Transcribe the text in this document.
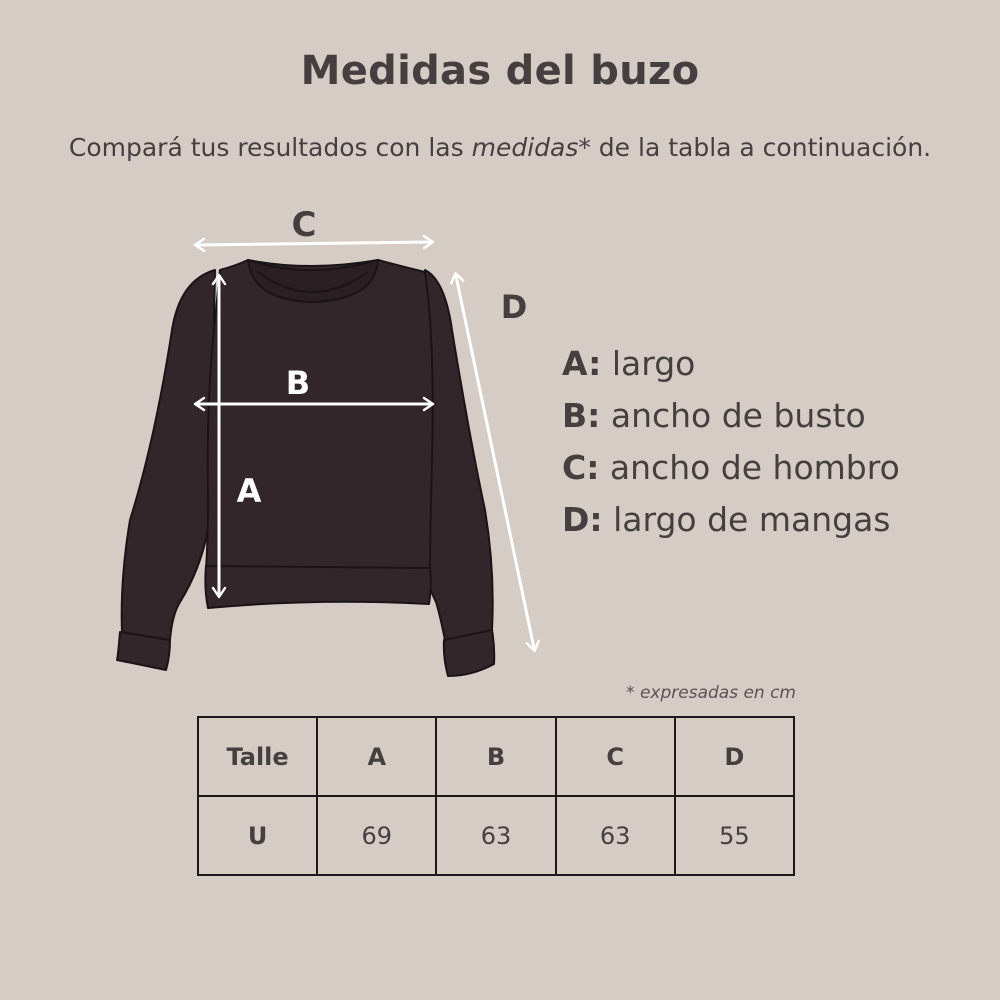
Medidas del buzo
Compará tus resultados con las medidas* de la tabla a continuación.
C
B
A
D
A: largo
B: ancho de busto
C: ancho de hombro
D: largo de mangas
* expresadas en cm
Talle	A	B	C	D
U	69	63	63	55
